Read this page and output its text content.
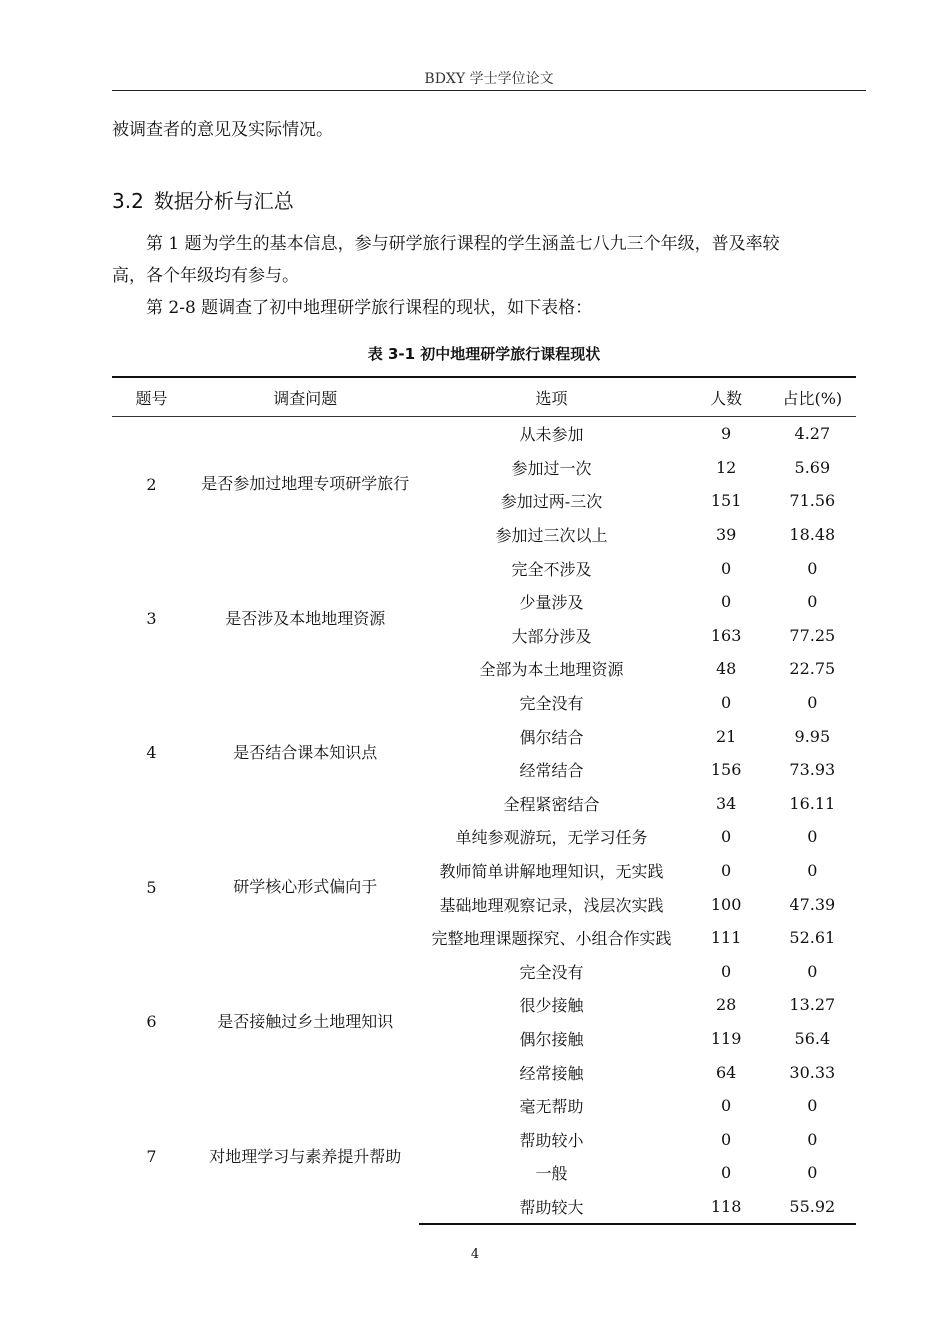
BDXY 学士学位论文
被调查者的意见及实际情况。
3.2 数据分析与汇总
第 1 题为学生的基本信息，参与研学旅行课程的学生涵盖七八九三个年级，普及率较
高，各个年级均有参与。
第 2-8 题调查了初中地理研学旅行课程的现状，如下表格：
表 3-1 初中地理研学旅行课程现状
题号	调查问题	选项	人数	占比(%)
2	是否参加过地理专项研学旅行	从未参加	9	4.27
		参加过一次	12	5.69
		参加过两-三次	151	71.56
		参加过三次以上	39	18.48
3	是否涉及本地地理资源	完全不涉及	0	0
		少量涉及	0	0
		大部分涉及	163	77.25
		全部为本土地理资源	48	22.75
4	是否结合课本知识点	完全没有	0	0
		偶尔结合	21	9.95
		经常结合	156	73.93
		全程紧密结合	34	16.11
5	研学核心形式偏向于	单纯参观游玩，无学习任务	0	0
		教师简单讲解地理知识，无实践	0	0
		基础地理观察记录，浅层次实践	100	47.39
		完整地理课题探究、小组合作实践	111	52.61
6	是否接触过乡土地理知识	完全没有	0	0
		很少接触	28	13.27
		偶尔接触	119	56.4
		经常接触	64	30.33
7	对地理学习与素养提升帮助	毫无帮助	0	0
		帮助较小	0	0
		一般	0	0
		帮助较大	118	55.92
4
